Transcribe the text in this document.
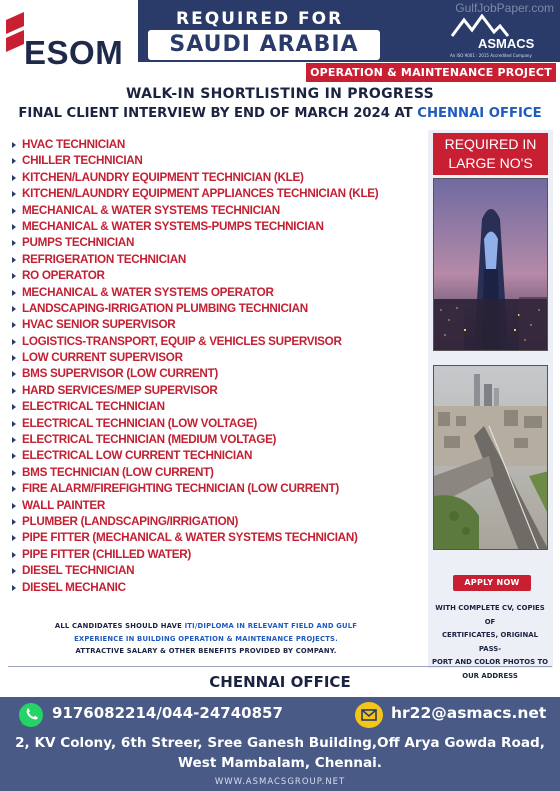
GulfJobPaper.com
ESOM
REQUIRED FOR
SAUDI ARABIA	ASMACS
An ISO 9001 : 2015 Accredited Company
OPERATION & MAINTENANCE PROJECT
WALK-IN SHORTLISTING IN PROGRESS
FINAL CLIENT INTERVIEW BY END OF MARCH 2024 AT CHENNAI OFFICE
HVAC TECHNICIAN
CHILLER TECHNICIAN
KITCHEN/LAUNDRY EQUIPMENT TECHNICIAN (KLE)
KITCHEN/LAUNDRY EQUIPMENT APPLIANCES TECHNICIAN (KLE)
MECHANICAL & WATER SYSTEMS TECHNICIAN
MECHANICAL & WATER SYSTEMS-PUMPS TECHNICIAN
PUMPS TECHNICIAN
REFRIGERATION TECHNICIAN
RO OPERATOR
MECHANICAL & WATER SYSTEMS OPERATOR
LANDSCAPING-IRRIGATION PLUMBING TECHNICIAN
HVAC SENIOR SUPERVISOR
LOGISTICS-TRANSPORT, EQUIP & VEHICLES SUPERVISOR
LOW CURRENT SUPERVISOR
BMS SUPERVISOR (LOW CURRENT)
HARD SERVICES/MEP SUPERVISOR
ELECTRICAL TECHNICIAN
ELECTRICAL TECHNICIAN (LOW VOLTAGE)
ELECTRICAL TECHNICIAN (MEDIUM VOLTAGE)
ELECTRICAL LOW CURRENT TECHNICIAN
BMS TECHNICIAN (LOW CURRENT)
FIRE ALARM/FIREFIGHTING TECHNICIAN (LOW CURRENT)
WALL PAINTER
PLUMBER (LANDSCAPING/IRRIGATION)
PIPE FITTER (MECHANICAL & WATER SYSTEMS TECHNICIAN)
PIPE FITTER (CHILLED WATER)
DIESEL TECHNICIAN
DIESEL MECHANIC
REQUIRED IN
LARGE NO'S
APPLY NOW
WITH COMPLETE CV, COPIES OF
CERTIFICATES, ORIGINAL PASS-
PORT AND COLOR PHOTOS TO
OUR ADDRESS
ALL CANDIDATES SHOULD HAVE ITI/DIPLOMA IN RELEVANT FIELD AND GULF
EXPERIENCE IN BUILDING OPERATION & MAINTENANCE PROJECTS.
ATTRACTIVE SALARY & OTHER BENEFITS PROVIDED BY COMPANY.
CHENNAI OFFICE
9176082214/044-24740857	hr22@asmacs.net
2, KV Colony, 6th Streer, Sree Ganesh Building,Off Arya Gowda Road,
West Mambalam, Chennai.
WWW.ASMACSGROUP.NET
